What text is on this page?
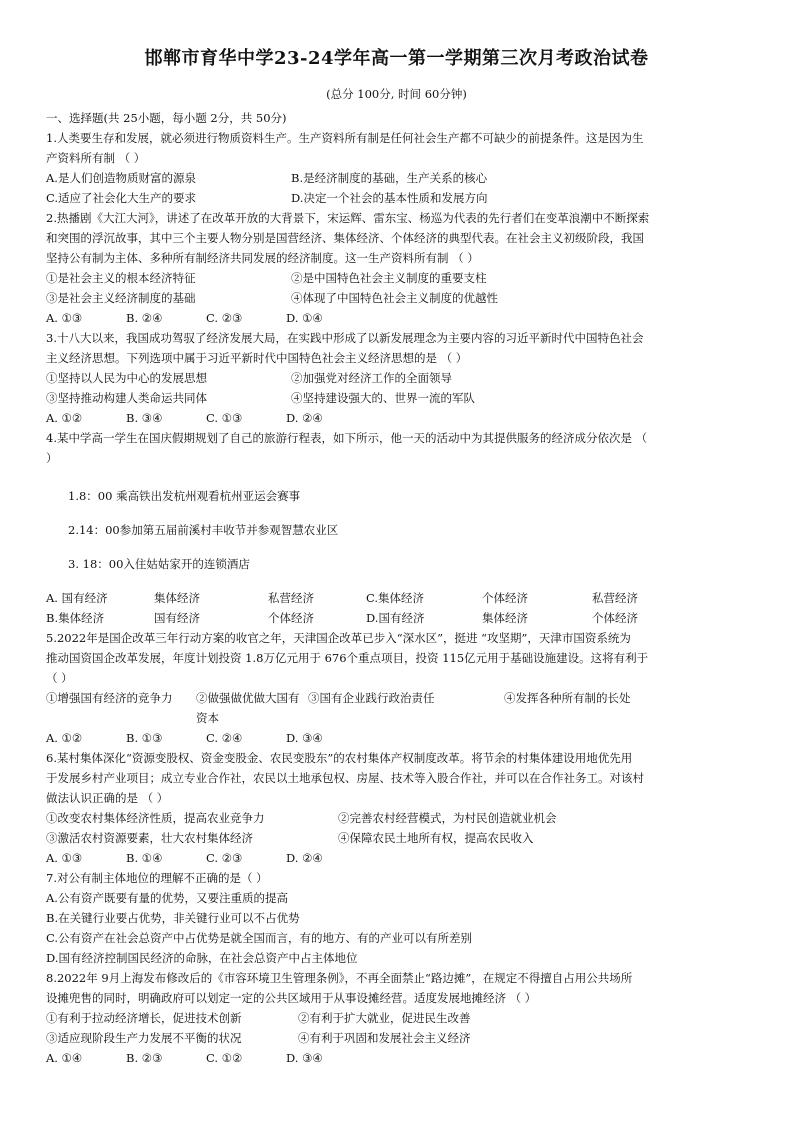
邯郸市育华中学23-24学年高一第一学期第三次月考政治试卷

(总分 100分, 时间 60分钟)

一、选择题(共 25小题，每小题 2分，共 50分)

1.人类要生存和发展，就必须进行物质资料生产。生产资料所有制是任何社会生产都不可缺少的前提条件。这是因为生

产资料所有制 （ ）

A.是人们创造物质财富的源泉	B.是经济制度的基础，生产关系的核心
C.适应了社会化大生产的要求	D.决定一个社会的基本性质和发展方向

2.热播剧《大江大河》，讲述了在改革开放的大背景下，宋运辉、雷东宝、杨巡为代表的先行者们在变革浪潮中不断探索

和突围的浮沉故事，其中三个主要人物分别是国营经济、集体经济、个体经济的典型代表。在社会主义初级阶段，我国

坚持公有制为主体、多种所有制经济共同发展的经济制度。这一生产资料所有制 （ ）

①是社会主义的根本经济特征	②是中国特色社会主义制度的重要支柱
③是社会主义经济制度的基础	④体现了中国特色社会主义制度的优越性
A. ①③	B. ②④	C. ②③	D. ①④

3.十八大以来，我国成功驾驭了经济发展大局，在实践中形成了以新发展理念为主要内容的习近平新时代中国特色社会

主义经济思想。下列选项中属于习近平新时代中国特色社会主义经济思想的是 （ ）

①坚持以人民为中心的发展思想	②加强党对经济工作的全面领导
③坚持推动构建人类命运共同体	④坚持建设强大的、世界一流的军队
A. ①②	B. ③④	C. ①③	D. ②④

4.某中学高一学生在国庆假期规划了自己的旅游行程表，如下所示，他一天的活动中为其提供服务的经济成分依次是 （

）

1.8：00 乘高铁出发杭州观看杭州亚运会赛事

2.14：00参加第五届前溪村丰收节并参观智慧农业区

3. 18：00入住姑姑家开的连锁酒店

A. 国有经济	集体经济	私营经济	C.集体经济	个体经济	私营经济
B.集体经济	国有经济	个体经济	D.国有经济	集体经济	个体经济

5.2022年是国企改革三年行动方案的收官之年，天津国企改革已步入“深水区”，挺进 “攻坚期”，天津市国资系统为

推动国资国企改革发展，年度计划投资 1.8万亿元用于 676个重点项目，投资 115亿元用于基础设施建设。这将有利于

（ ）

①增强国有经济的竞争力	②做强做优做大国有资本
③国有企业践行政治责任	④发挥各种所有制的长处
A. ①②	B. ①③	C. ②④	D. ③④

6.某村集体深化“资源变股权、资金变股金、农民变股东”的农村集体产权制度改革。将节余的村集体建设用地优先用

于发展乡村产业项目；成立专业合作社，农民以土地承包权、房屋、技术等入股合作社，并可以在合作社务工。对该村

做法认识正确的是 （ ）

①改变农村集体经济性质，提高农业竞争力	②完善农村经营模式，为村民创造就业机会
③激活农村资源要素，壮大农村集体经济	④保障农民土地所有权，提高农民收入
A. ①③	B. ①④	C. ②③	D. ②④

7.对公有制主体地位的理解不正确的是（ ）

A.公有资产既要有量的优势，又要注重质的提高

B.在关键行业要占优势，非关键行业可以不占优势

C.公有资产在社会总资产中占优势是就全国而言，有的地方、有的产业可以有所差别

D.国有经济控制国民经济的命脉，在社会总资产中占主体地位

8.2022年 9月上海发布修改后的《市容环境卫生管理条例》，不再全面禁止“路边摊”，在规定不得擅自占用公共场所

设摊兜售的同时，明确政府可以划定一定的公共区域用于从事设摊经营。适度发展地摊经济 （ ）

①有利于拉动经济增长，促进技术创新	②有利于扩大就业，促进民生改善
③适应现阶段生产力发展不平衡的状况	④有利于巩固和发展社会主义经济
A. ①④	B. ②③	C. ①②	D. ③④
